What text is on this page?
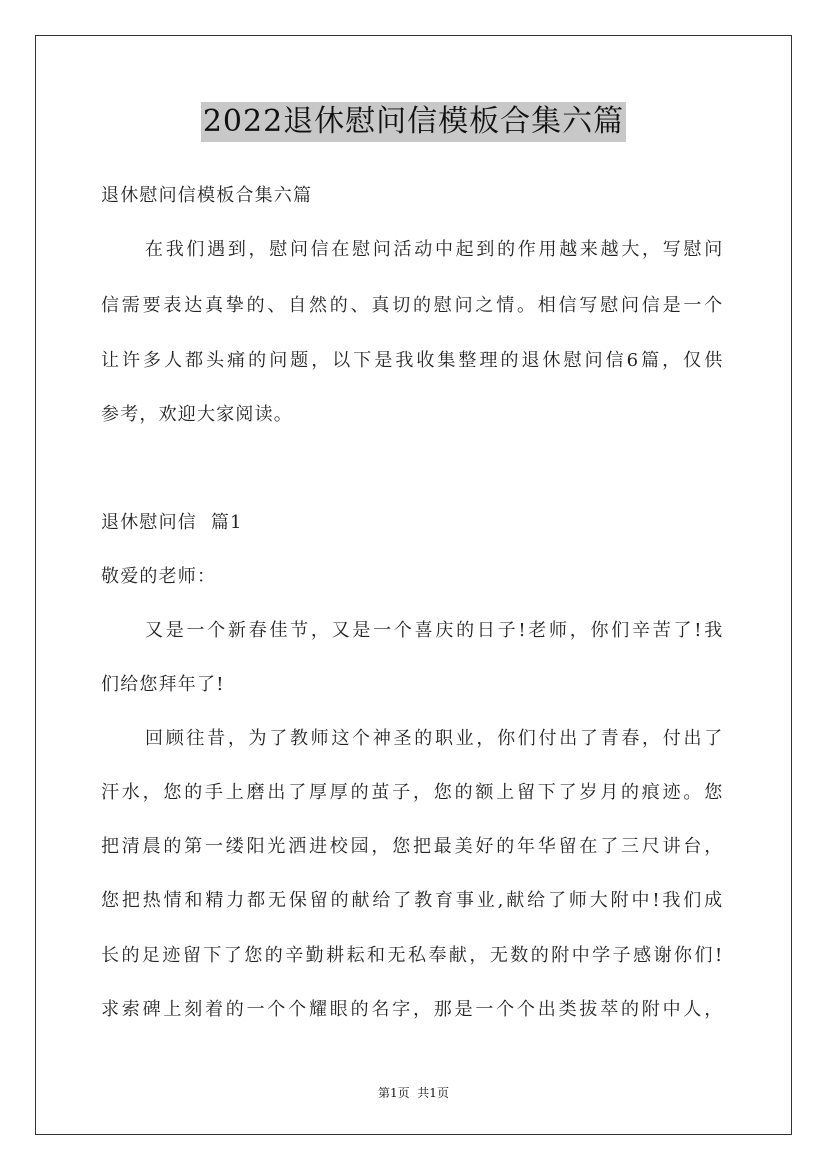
2022退休慰问信模板合集六篇
退休慰问信模板合集六篇
在我们遇到，慰问信在慰问活动中起到的作用越来越大，写慰问
信需要表达真挚的、自然的、真切的慰问之情。相信写慰问信是一个
让许多人都头痛的问题，以下是我收集整理的退休慰问信6篇，仅供
参考，欢迎大家阅读。
退休慰问信  篇1
敬爱的老师：
又是一个新春佳节，又是一个喜庆的日子!老师，你们辛苦了!我
们给您拜年了!
回顾往昔，为了教师这个神圣的职业，你们付出了青春，付出了
汗水，您的手上磨出了厚厚的茧子，您的额上留下了岁月的痕迹。您
把清晨的第一缕阳光洒进校园，您把最美好的年华留在了三尺讲台，
您把热情和精力都无保留的献给了教育事业,献给了师大附中!我们成
长的足迹留下了您的辛勤耕耘和无私奉献，无数的附中学子感谢你们!
求索碑上刻着的一个个耀眼的名字，那是一个个出类拔萃的附中人，
第1页  共1页
